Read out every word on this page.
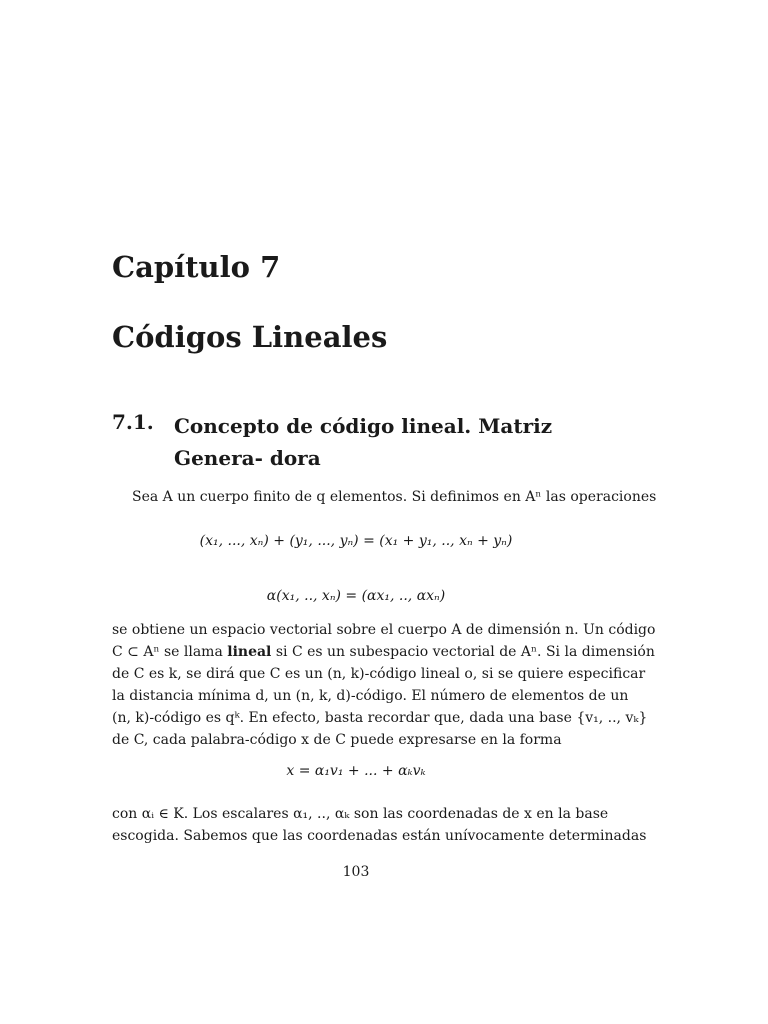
Capítulo 7
Códigos Lineales
7.1. Concepto de código lineal. Matriz Genera- dora

Sea A un cuerpo finito de q elementos. Si definimos en Aⁿ las operaciones

(x₁, ..., xₙ) + (y₁, ..., yₙ) = (x₁ + y₁, .., xₙ + yₙ)
α(x₁, .., xₙ) = (αx₁, .., αxₙ)
se obtiene un espacio vectorial sobre el cuerpo A de dimensión n. Un código
C ⊂ Aⁿ se llama lineal si C es un subespacio vectorial de Aⁿ. Si la dimensión
de C es k, se dirá que C es un (n, k)-código lineal o, si se quiere especificar
la distancia mínima d, un (n, k, d)-código. El número de elementos de un
(n, k)-código es qᵏ. En efecto, basta recordar que, dada una base {v₁, .., vₖ}
de C, cada palabra-código x de C puede expresarse en la forma
x = α₁v₁ + ... + αₖvₖ
con αᵢ ∈ K. Los escalares α₁, .., αₖ son las coordenadas de x en la base
escogida. Sabemos que las coordenadas están unívocamente determinadas
103
